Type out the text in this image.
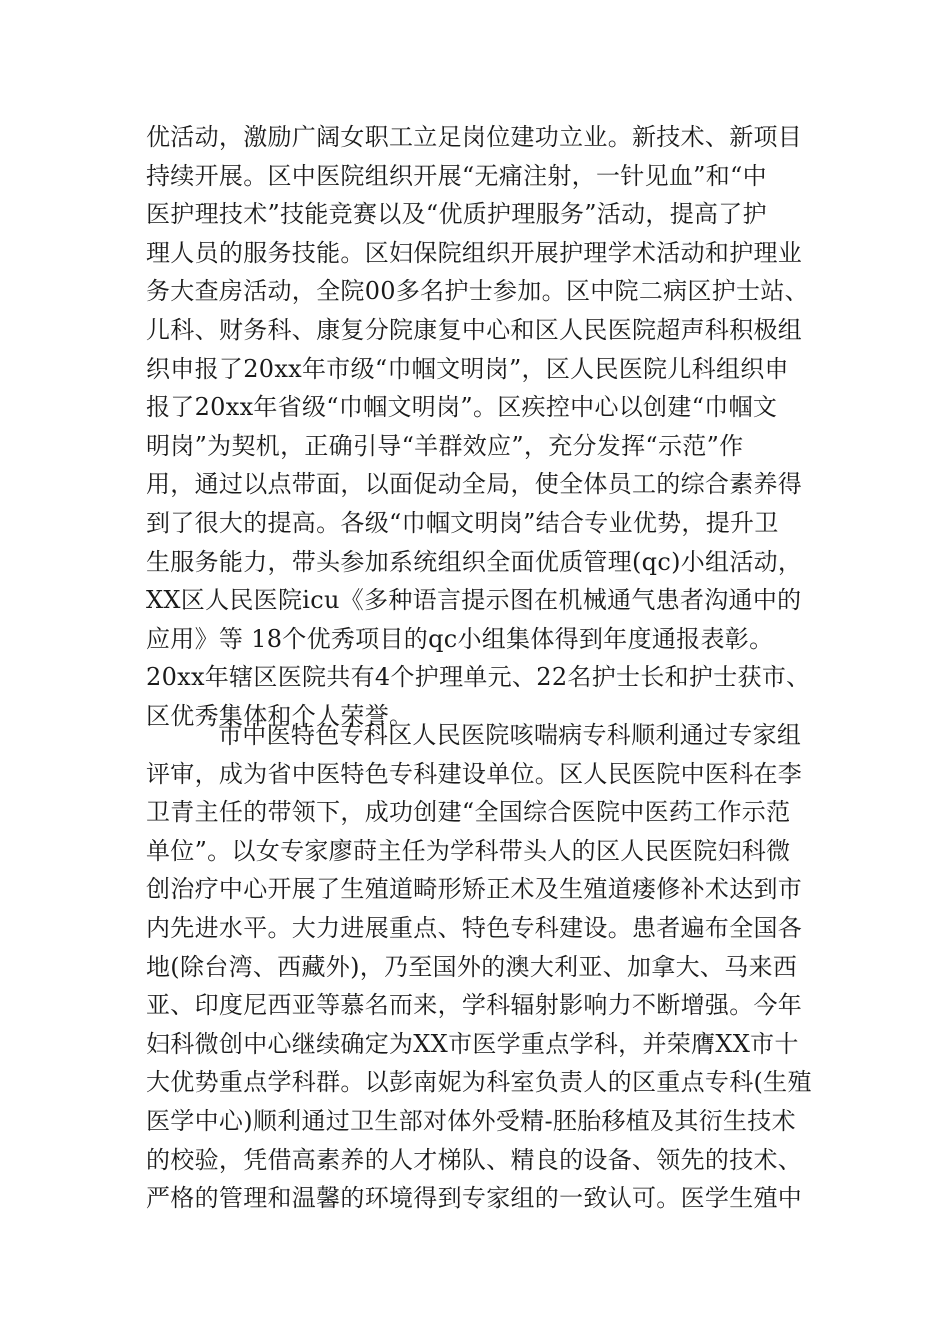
优活动，激励广阔女职工立足岗位建功立业。新技术、新项目
持续开展。区中医院组织开展“无痛注射，一针见血”和“中
医护理技术”技能竞赛以及“优质护理服务”活动，提高了护
理人员的服务技能。区妇保院组织开展护理学术活动和护理业
务大查房活动，全院00多名护士参加。区中院二病区护士站、
儿科、财务科、康复分院康复中心和区人民医院超声科积极组
织申报了20xx年市级“巾帼文明岗”，区人民医院儿科组织申
报了20xx年省级“巾帼文明岗”。区疾控中心以创建“巾帼文
明岗”为契机，正确引导“羊群效应”，充分发挥“示范”作
用，通过以点带面，以面促动全局，使全体员工的综合素养得
到了很大的提高。各级“巾帼文明岗”结合专业优势，提升卫
生服务能力，带头参加系统组织全面优质管理(qc)小组活动，
XX区人民医院icu《多种语言提示图在机械通气患者沟通中的
应用》等 18个优秀项目的qc小组集体得到年度通报表彰。
20xx年辖区医院共有4个护理单元、22名护士长和护士获市、
区优秀集体和个人荣誉。
市中医特色专科区人民医院咳喘病专科顺利通过专家组
评审，成为省中医特色专科建设单位。区人民医院中医科在李
卫青主任的带领下，成功创建“全国综合医院中医药工作示范
单位”。以女专家廖莳主任为学科带头人的区人民医院妇科微
创治疗中心开展了生殖道畸形矫正术及生殖道瘘修补术达到市
内先进水平。大力进展重点、特色专科建设。患者遍布全国各
地(除台湾、西藏外)，乃至国外的澳大利亚、加拿大、马来西
亚、印度尼西亚等慕名而来，学科辐射影响力不断增强。今年
妇科微创中心继续确定为XX市医学重点学科，并荣膺XX市十
大优势重点学科群。以彭南妮为科室负责人的区重点专科(生殖
医学中心)顺利通过卫生部对体外受精-胚胎移植及其衍生技术
的校验，凭借高素养的人才梯队、精良的设备、领先的技术、
严格的管理和温馨的环境得到专家组的一致认可。医学生殖中
